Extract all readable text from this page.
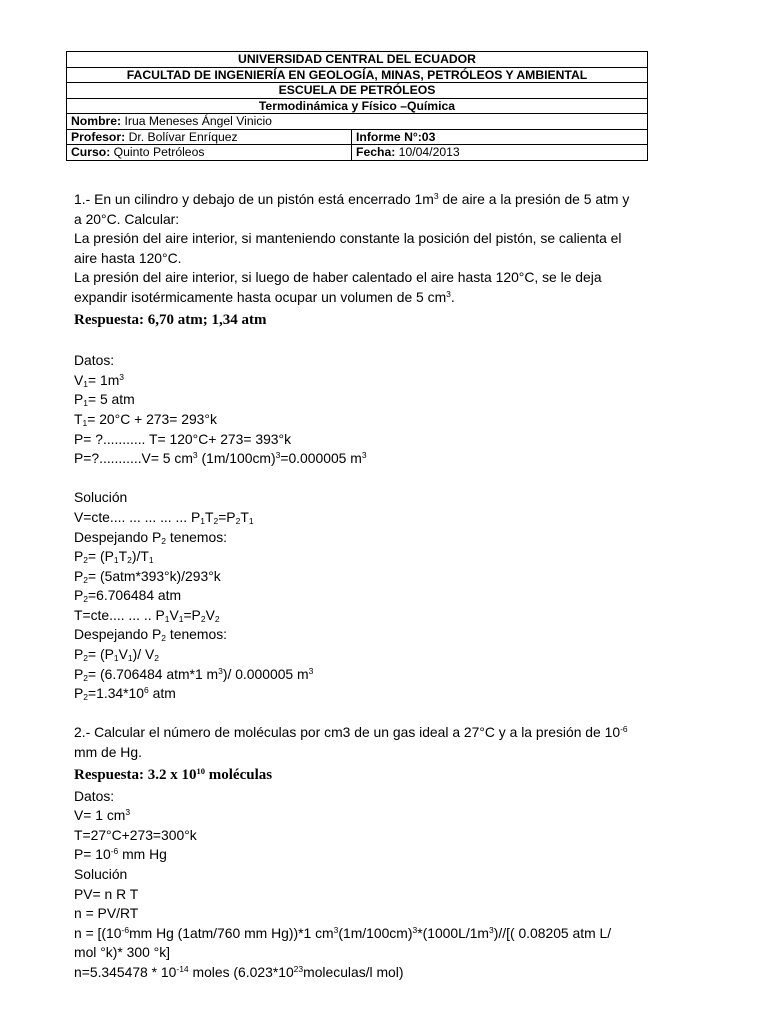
UNIVERSIDAD CENTRAL DEL ECUADOR	
FACULTAD DE INGENIERÍA EN GEOLOGÍA, MINAS, PETRÓLEOS Y AMBIENTAL	
ESCUELA DE PETRÓLEOS	
Termodinámica y Físico –Química	
Nombre: Irua Meneses Ángel Vinicio	
Profesor: Dr. Bolívar Enríquez	Informe N°:03
Curso: Quinto Petróleos	Fecha: 10/04/2013

1.- En un cilindro y debajo de un pistón está encerrado $1m^3$ de aire a la presión de 5 atm y

a 20°C. Calcular:

La presión del aire interior, si manteniendo constante la posición del pistón, se calienta el

aire hasta 120°C.

La presión del aire interior, si luego de haber calentado el aire hasta 120°C, se le deja

expandir isotérmicamente hasta ocupar un volumen de 5 $cm^3$.

Respuesta: 6,70 atm; 1,34 atm

Datos:

$V_1= 1m^3$

$P_1= 5$ atm

$T_1= 20^\circ C + 273= 293^\circ k$

P= ?........... T= 120°C+ 273= 393°k

P=?...........V= 5 $cm^3$ $(1m/100cm)^3=0.000005$ $m^3$

Solución

V=cte.... ... ... ... ... $P_1T_2=P_2T_1$

Despejando $P_2$ tenemos:

$P_2= (P_1T_2)/T_1$

$P_2= (5atm*393^\circ k)/293^\circ k$

$P_2=6.706484$ atm

T=cte.... ... .. $P_1V_1=P_2V_2$

Despejando $P_2$ tenemos:

$P_2= (P_1V_1)/$ $V_2$

$P_2= (6.706484$ atm*1 $m^3)/$ 0.000005 $m^3$

$P_2=1.34*10^6$ atm

2.- Calcular el número de moléculas por cm3 de un gas ideal a 27°C y a la presión de $10^{-6}$

mm de Hg.

Respuesta: 3.2 x $10^{10}$ moléculas

Datos:

V= 1 $cm^3$

T=27°C+273=300°k

$P= 10^{-6}$ mm Hg

Solución

PV= n R T

n = PV/RT

$n = [(10^{-6}mm$ Hg (1atm/760 mm Hg))*1 $cm^3(1m/100cm)^3*(1000L/1m^3)//$[( 0.08205 atm L/

mol °k)* 300 °k]

$n=5.345478 * 10^{-14}$ moles ($6.023*10^{23}moleculas/l$ mol)
